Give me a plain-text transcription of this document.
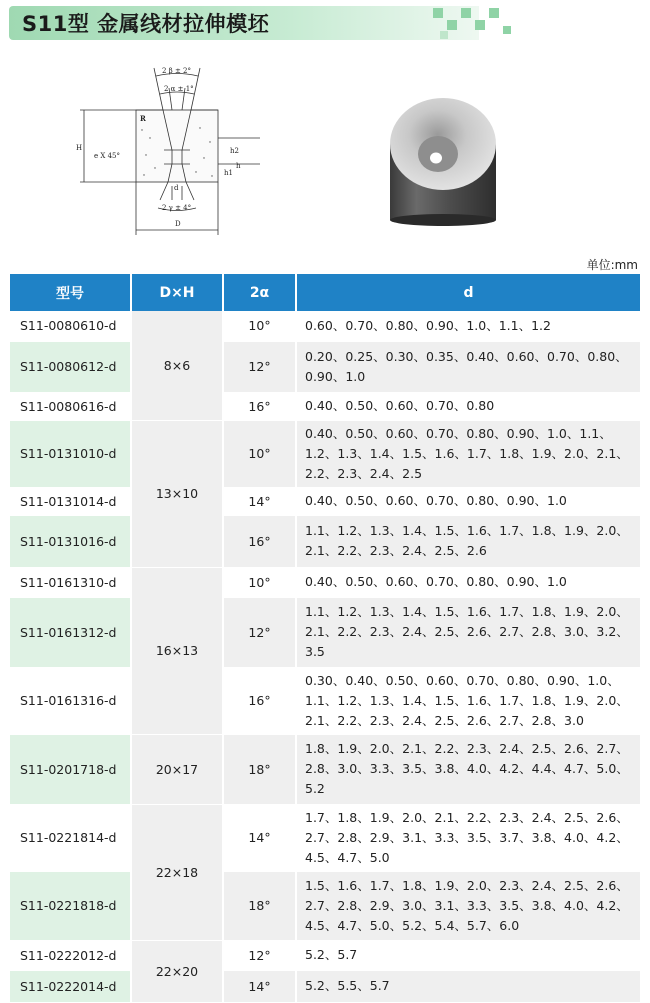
S11型 金属线材拉伸模坯
2 β ± 2°
2 α ± 1°
R
H
e X 45°
h2
h1
h
d
2 γ ± 4°
D
单位:mm
型号	D×H	2α	d
S11-0080610-d	8×6	10°	0.60、0.70、0.80、0.90、1.0、1.1、1.2
S11-0080612-d		12°	0.20、0.25、0.30、0.35、0.40、0.60、0.70、0.80、0.90、1.0
S11-0080616-d		16°	0.40、0.50、0.60、0.70、0.80
S11-0131010-d	13×10	10°	0.40、0.50、0.60、0.70、0.80、0.90、1.0、1.1、1.2、1.3、1.4、1.5、1.6、1.7、1.8、1.9、2.0、2.1、2.2、2.3、2.4、2.5
S11-0131014-d		14°	0.40、0.50、0.60、0.70、0.80、0.90、1.0
S11-0131016-d		16°	1.1、1.2、1.3、1.4、1.5、1.6、1.7、1.8、1.9、2.0、2.1、2.2、2.3、2.4、2.5、2.6
S11-0161310-d	16×13	10°	0.40、0.50、0.60、0.70、0.80、0.90、1.0
S11-0161312-d		12°	1.1、1.2、1.3、1.4、1.5、1.6、1.7、1.8、1.9、2.0、2.1、2.2、2.3、2.4、2.5、2.6、2.7、2.8、3.0、3.2、3.5
S11-0161316-d		16°	0.30、0.40、0.50、0.60、0.70、0.80、0.90、1.0、1.1、1.2、1.3、1.4、1.5、1.6、1.7、1.8、1.9、2.0、2.1、2.2、2.3、2.4、2.5、2.6、2.7、2.8、3.0
S11-0201718-d	20×17	18°	1.8、1.9、2.0、2.1、2.2、2.3、2.4、2.5、2.6、2.7、2.8、3.0、3.3、3.5、3.8、4.0、4.2、4.4、4.7、5.0、5.2
S11-0221814-d	22×18	14°	1.7、1.8、1.9、2.0、2.1、2.2、2.3、2.4、2.5、2.6、2.7、2.8、2.9、3.1、3.3、3.5、3.7、3.8、4.0、4.2、4.5、4.7、5.0
S11-0221818-d		18°	1.5、1.6、1.7、1.8、1.9、2.0、2.3、2.4、2.5、2.6、2.7、2.8、2.9、3.0、3.1、3.3、3.5、3.8、4.0、4.2、4.5、4.7、5.0、5.2、5.4、5.7、6.0
S11-0222012-d	22×20	12°	5.2、5.7
S11-0222014-d		14°	5.2、5.5、5.7
